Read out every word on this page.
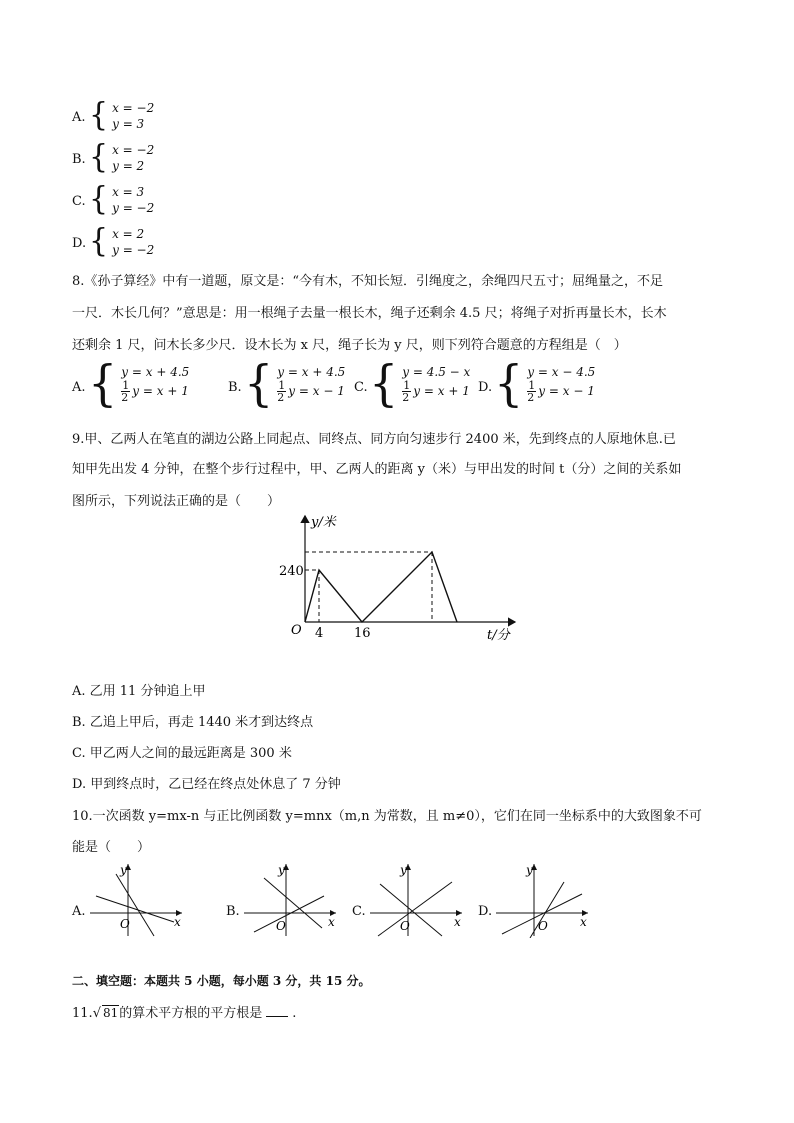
A. { x = −2
y = 3
B. { x = −2
y = 2
C. { x = 3
y = −2
D. { x = 2
y = −2
8.《孙子算经》中有一道题，原文是：“今有木，不知长短．引绳度之，余绳四尺五寸；屈绳量之，不足
一尺．木长几何？”意思是：用一根绳子去量一根长木，绳子还剩余 4.5 尺；将绳子对折再量长木，长木
还剩余 1 尺，问木长多少尺．设木长为 x 尺，绳子长为 y 尺，则下列符合题意的方程组是（　）
A. { y = x + 4.5
$\frac{1}{2}$ y = x + 1	B. { y = x + 4.5
$\frac{1}{2}$ y = x − 1 C. { y = 4.5 − x
$\frac{1}{2}$ y = x + 1 D. { y = x − 4.5
$\frac{1}{2}$ y = x − 1
9.甲、乙两人在笔直的湖边公路上同起点、同终点、同方向匀速步行 2400 米，先到终点的人原地休息.已
知甲先出发 4 分钟，在整个步行过程中，甲、乙两人的距离 y（米）与甲出发的时间 t（分）之间的关系如
图所示，下列说法正确的是（　　）
y/米
240
O 4 16	t/分
A. 乙用 11 分钟追上甲
B. 乙追上甲后，再走 1440 米才到达终点
C. 甲乙两人之间的最远距离是 300 米
D. 甲到终点时，乙已经在终点处休息了 7 分钟
10.一次函数 y=mx-n 与正比例函数 y=mnx（m,n 为常数，且 m≠0），它们在同一坐标系中的大致图象不可
能是（　　）
A.
y
x
O
B.
y
x
O
C.
y
x
O
D.
y
x
O
二、填空题：本题共 5 小题，每小题 3 分，共 15 分。
11.√ 81的算术平方根的平方根是 .
